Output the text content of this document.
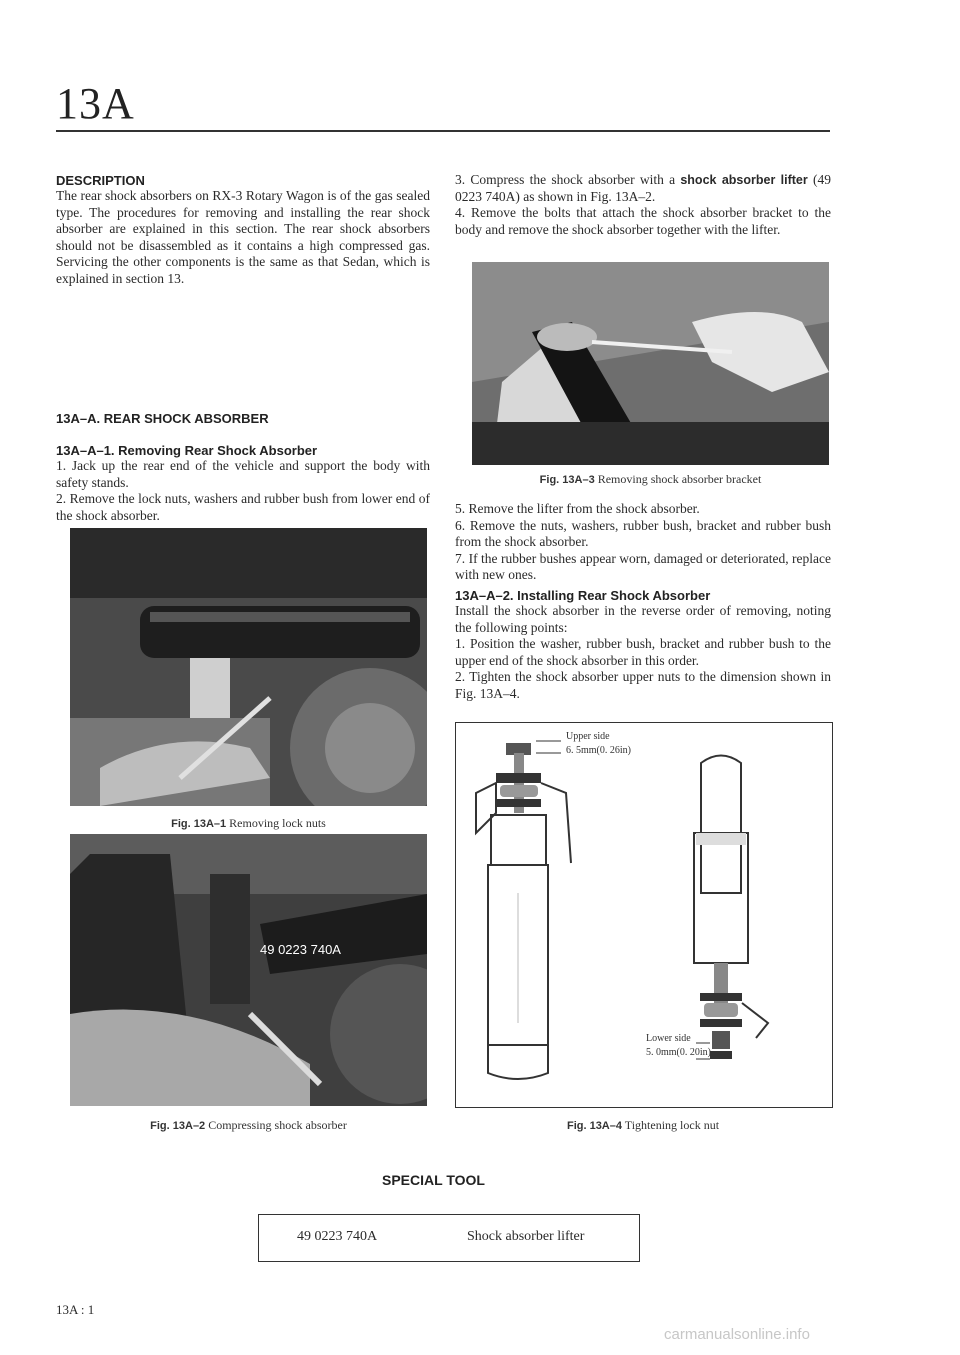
13A
DESCRIPTION

The rear shock absorbers on RX-3 Rotary Wagon is of the gas sealed type. The procedures for removing and installing the rear shock absorber are explained in this section. The rear shock absorbers should not be disassembled as it contains a high compressed gas. Servicing the other components is the same as that Sedan, which is explained in section 13.

13A–A. REAR SHOCK ABSORBER
13A–A–1. Removing Rear Shock Absorber

1. Jack up the rear end of the vehicle and support the body with safety stands.

2. Remove the lock nuts, washers and rubber bush from lower end of the shock absorber.

Fig. 13A–1 Removing lock nuts
49 0223 740A
Fig. 13A–2 Compressing shock absorber

3. Compress the shock absorber with a shock absorber lifter (49 0223 740A) as shown in Fig. 13A–2.

4. Remove the bolts that attach the shock absorber bracket to the body and remove the shock absorber together with the lifter.

Fig. 13A–3 Removing shock absorber bracket

5. Remove the lifter from the shock absorber.

6. Remove the nuts, washers, rubber bush, bracket and rubber bush from the shock absorber.

7. If the rubber bushes appear worn, damaged or deteriorated, replace with new ones.

13A–A–2. Installing Rear Shock Absorber

Install the shock absorber in the reverse order of removing, noting the following points:

1. Position the washer, rubber bush, bracket and rubber bush to the upper end of the shock absorber in this order.

2. Tighten the shock absorber upper nuts to the dimension shown in Fig. 13A–4.

Upper side
6. 5mm(0. 26in)
Lower side
5. 0mm(0. 20in)
Fig. 13A–4 Tightening lock nut
SPECIAL TOOL
49 0223 740A	Shock absorber lifter
13A : 1
carmanualsonline.info
